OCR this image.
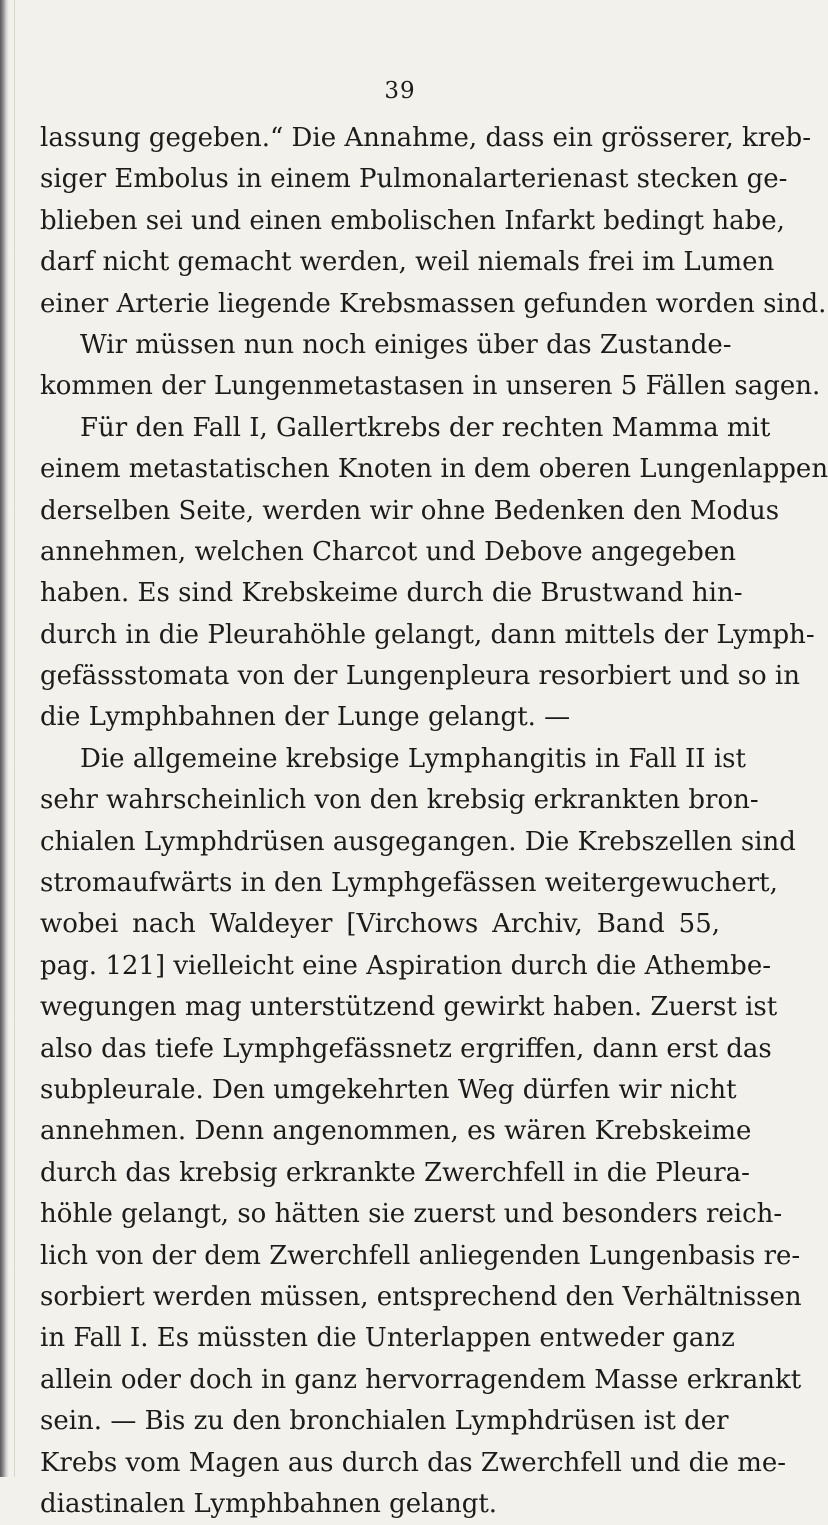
39
lassung gegeben.“ Die Annahme, dass ein grösserer, kreb-
siger Embolus in einem Pulmonalarterienast stecken ge-
blieben sei und einen embolischen Infarkt bedingt habe,
darf nicht gemacht werden, weil niemals frei im Lumen
einer Arterie liegende Krebsmassen gefunden worden sind.
Wir müssen nun noch einiges über das Zustande-
kommen der Lungenmetastasen in unseren 5 Fällen sagen.
Für den Fall I, Gallertkrebs der rechten Mamma mit
einem metastatischen Knoten in dem oberen Lungenlappen
derselben Seite, werden wir ohne Bedenken den Modus
annehmen, welchen Charcot und Debove angegeben
haben. Es sind Krebskeime durch die Brustwand hin-
durch in die Pleurahöhle gelangt, dann mittels der Lymph-
gefässstomata von der Lungenpleura resorbiert und so in
die Lymphbahnen der Lunge gelangt. —
Die allgemeine krebsige Lymphangitis in Fall II ist
sehr wahrscheinlich von den krebsig erkrankten bron-
chialen Lymphdrüsen ausgegangen. Die Krebszellen sind
stromaufwärts in den Lymphgefässen weitergewuchert,
wobei nach Waldeyer [Virchows Archiv, Band 55,
pag. 121] vielleicht eine Aspiration durch die Athembe-
wegungen mag unterstützend gewirkt haben. Zuerst ist
also das tiefe Lymphgefässnetz ergriffen, dann erst das
subpleurale. Den umgekehrten Weg dürfen wir nicht
annehmen. Denn angenommen, es wären Krebskeime
durch das krebsig erkrankte Zwerchfell in die Pleura-
höhle gelangt, so hätten sie zuerst und besonders reich-
lich von der dem Zwerchfell anliegenden Lungenbasis re-
sorbiert werden müssen, entsprechend den Verhältnissen
in Fall I. Es müssten die Unterlappen entweder ganz
allein oder doch in ganz hervorragendem Masse erkrankt
sein. — Bis zu den bronchialen Lymphdrüsen ist der
Krebs vom Magen aus durch das Zwerchfell und die me-
diastinalen Lymphbahnen gelangt.
